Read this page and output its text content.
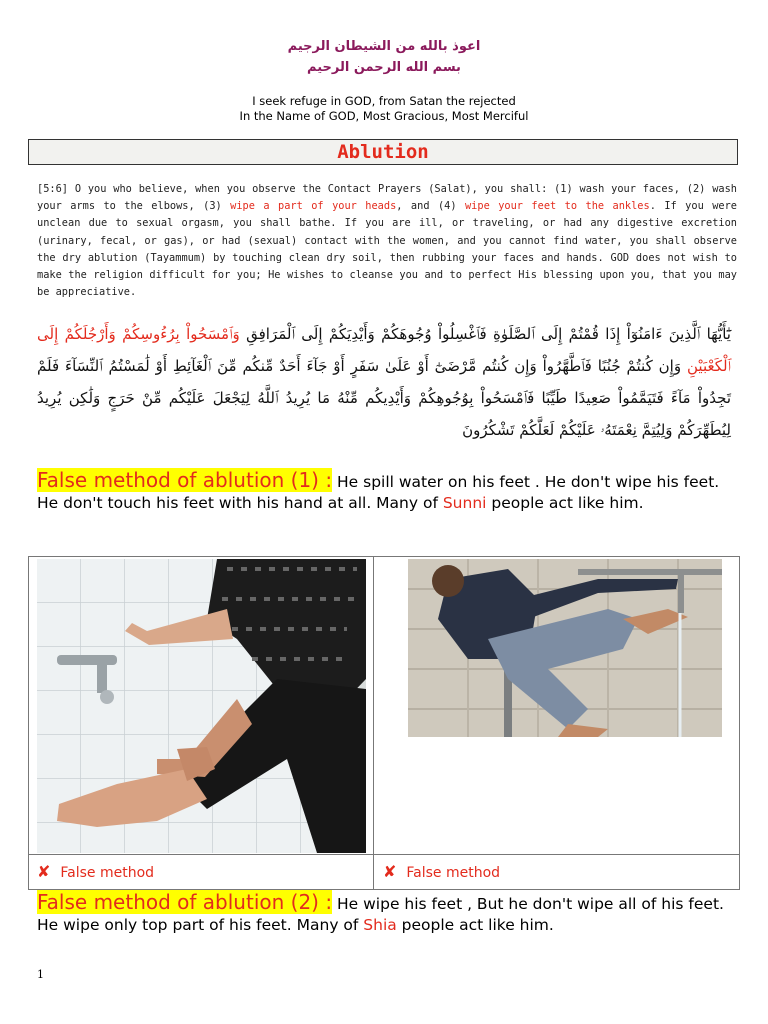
اعوذ بالله من الشيطان الرجيم
بسم الله الرحمن الرحيم
I seek refuge in GOD, from Satan the rejected
In the Name of GOD, Most Gracious, Most Merciful
Ablution
[5:6] O you who believe, when you observe the Contact Prayers (Salat), you shall: (1) wash your faces, (2) wash your arms to the elbows, (3) wipe a part of your heads, and (4) wipe your feet to the ankles. If you were unclean due to sexual orgasm, you shall bathe. If you are ill, or traveling, or had any digestive excretion (urinary, fecal, or gas), or had (sexual) contact with the women, and you cannot find water, you shall observe the dry ablution (Tayammum) by touching clean dry soil, then rubbing your faces and hands. GOD does not wish to make the religion difficult for you; He wishes to cleanse you and to perfect His blessing upon you, that you may be appreciative.
يَٰٓأَيُّهَا ٱلَّذِينَ ءَامَنُوٓاْ إِذَا قُمْتُمْ إِلَى ٱلصَّلَوٰةِ فَٱغْسِلُواْ وُجُوهَكُمْ وَأَيْدِيَكُمْ إِلَى ٱلْمَرَافِقِ وَٱمْسَحُواْ بِرُءُوسِكُمْ وَأَرْجُلَكُمْ إِلَى ٱلْكَعْبَيْنِ وَإِن كُنتُمْ جُنُبًا فَٱطَّهَّرُواْ وَإِن كُنتُم مَّرْضَىٰٓ أَوْ عَلَىٰ سَفَرٍ أَوْ جَآءَ أَحَدٌ مِّنكُم مِّنَ ٱلْغَآئِطِ أَوْ لَٰمَسْتُمُ ٱلنِّسَآءَ فَلَمْ تَجِدُواْ مَآءً فَتَيَمَّمُواْ صَعِيدًا طَيِّبًا فَٱمْسَحُواْ بِوُجُوهِكُمْ وَأَيْدِيكُم مِّنْهُ مَا يُرِيدُ ٱللَّهُ لِيَجْعَلَ عَلَيْكُم مِّنْ حَرَجٍ وَلَٰكِن يُرِيدُ لِيُطَهِّرَكُمْ وَلِيُتِمَّ نِعْمَتَهُۥ عَلَيْكُمْ لَعَلَّكُمْ تَشْكُرُونَ
False method of ablution (1) : He spill water on his feet . He don't wipe his feet. He don't touch his feet with his hand at all. Many of Sunni people act like him.
✘ False method	✘ False method
False method of ablution (2) : He wipe his feet , But he don't wipe all of his feet. He wipe only top part of his feet. Many of Shia people act like him.
1
